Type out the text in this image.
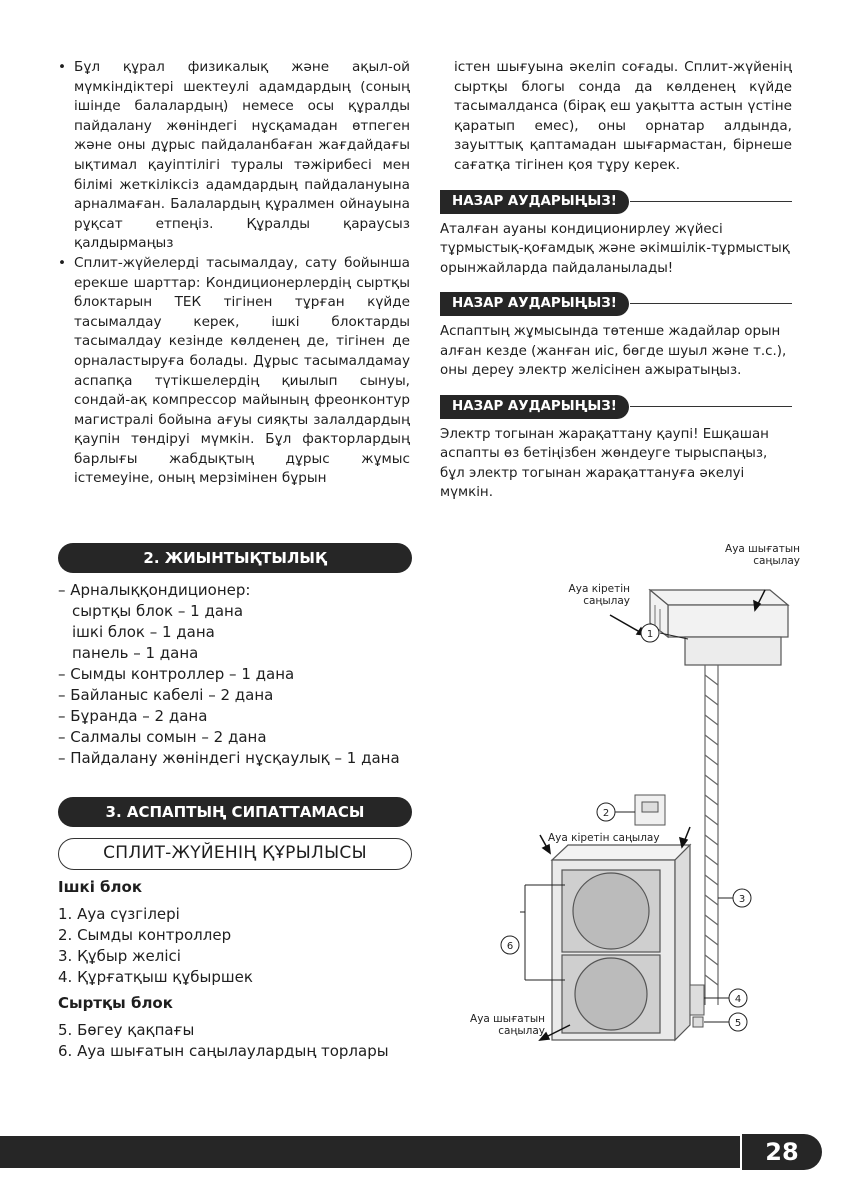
• Бұл құрал физикалық және ақыл-ой мүмкіндіктері шектеулі адамдардың (соның ішінде балалардың) немесе осы құралды пайдалану жөніндегі нұсқамадан өтпеген және оны дұрыс пайдаланбаған жағдайдағы ықтимал қауіптілігі туралы тәжірибесі мен білімі жеткіліксіз адамдардың пайдалануына арналмаған. Балалардың құралмен ойнауына рұқсат етпеңіз. Құралды қараусыз қалдырмаңыз
• Сплит-жүйелерді тасымалдау, сату бойынша ерекше шарттар: Кондиционерлердің сыртқы блоктарын ТЕК тігінен тұрған күйде тасымалдау керек, ішкі блоктарды тасымалдау кезінде көлденең де, тігінен де орналастыруға болады. Дұрыс тасымалдамау аспапқа түтікшелердің қиылып сынуы, сондай-ақ компрессор майының фреонконтур магистралі бойына ағуы сияқты залалдардың қаупін төндіруі мүмкін. Бұл факторлардың барлығы жабдықтың дұрыс жұмыс істемеуіне, оның мерзімінен бұрын
істен шығуына әкеліп соғады. Сплит-жүйенің сыртқы блогы сонда да көлденең күйде тасымалданса (бірақ еш уақытта астын үстіне қаратып емес), оны орнатар алдында, зауыттық қаптамадан шығармастан, бірнеше сағатқа тігінен қоя тұру керек.
НАЗАР АУДАРЫҢЫЗ!
Аталған ауаны кондиционирлеу жүйесі тұрмыстық-қоғамдық және әкімшілік-тұрмыстық орынжайларда пайдаланылады!
НАЗАР АУДАРЫҢЫЗ!
Аспаптың жұмысында төтенше жадайлар орын алған кезде (жанған иіс, бөгде шуыл және т.с.), оны дереу электр желісінен ажыратыңыз.
НАЗАР АУДАРЫҢЫЗ!
Электр тогынан жарақаттану қаупі! Ешқашан аспапты өз бетіңізбен жөндеуге тырыспаңыз, бұл электр тогынан жарақаттануға әкелуі мүмкін.
2. ЖИЫНТЫҚТЫЛЫҚ
– Арналыққондиционер:
сыртқы блок – 1 дана
ішкі блок – 1 дана
панель – 1 дана
– Сымды контроллер – 1 дана
– Байланыс кабелі – 2 дана
– Бұранда – 2 дана
– Салмалы сомын – 2 дана
– Пайдалану жөніндегі нұсқаулық – 1 дана
3. АСПАПТЫҢ СИПАТТАМАСЫ
СПЛИТ-ЖҮЙЕНІҢ ҚҰРЫЛЫСЫ
Ішкі блок
1. Ауа сүзгілері
2. Сымды контроллер
3. Құбыр желісі
4. Құрғатқыш құбыршек
Сыртқы блок
5. Бөгеу қақпағы
6. Ауа шығатын саңылаулардың торлары
1
2
3
4
5
6
Ауа шығатын саңылау
Ауа кіретін саңылау
Ауа кіретін саңылау
Ауа шығатын саңылау
28
